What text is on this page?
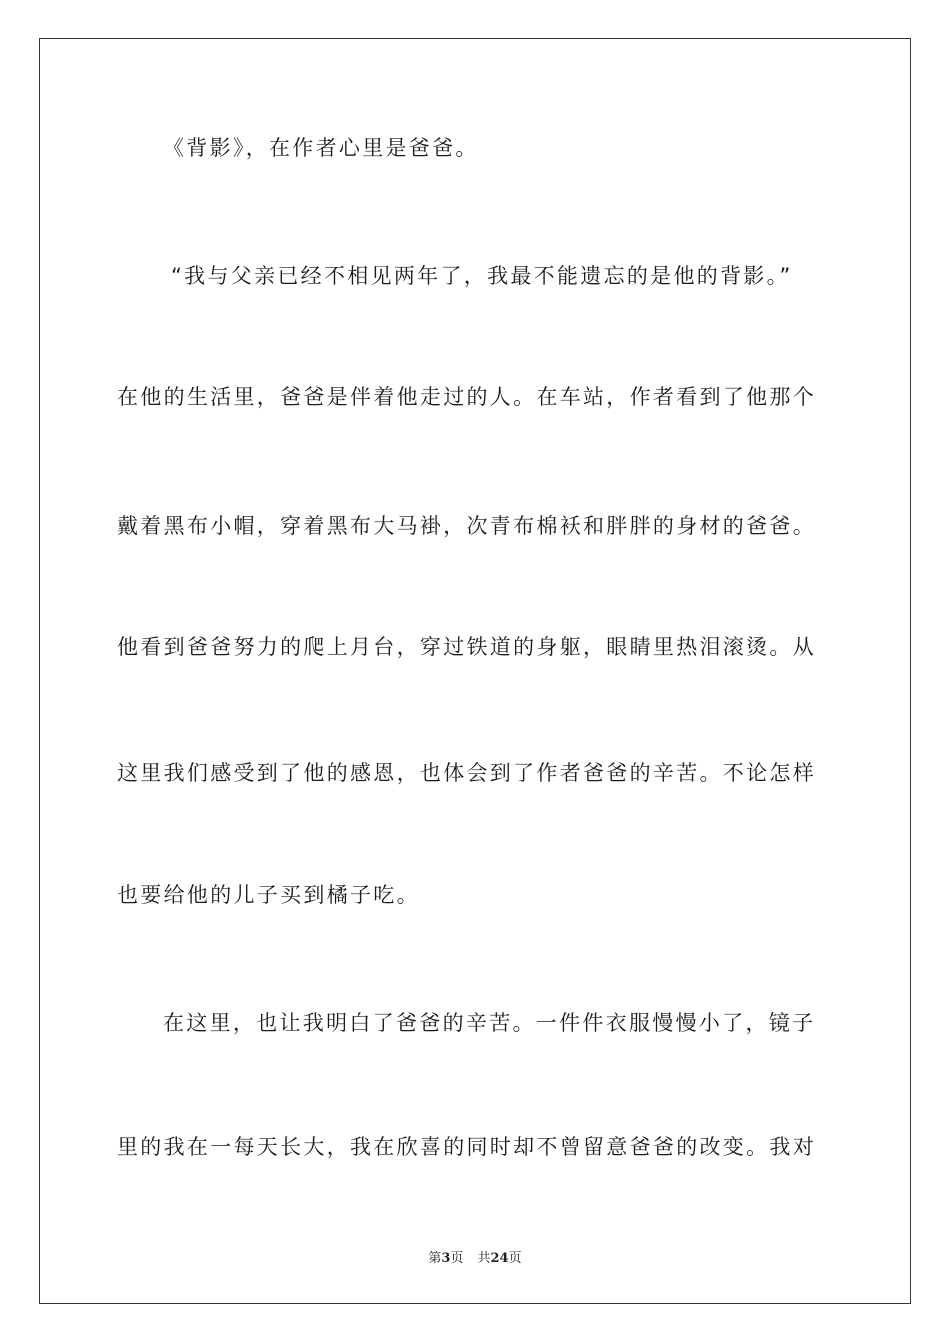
《背影》，在作者心里是爸爸。
“我与父亲已经不相见两年了，我最不能遗忘的是他的背影。”
在他的生活里，爸爸是伴着他走过的人。在车站，作者看到了他那个
戴着黑布小帽，穿着黑布大马褂，次青布棉袄和胖胖的身材的爸爸。
他看到爸爸努力的爬上月台，穿过铁道的身躯，眼睛里热泪滚烫。从
这里我们感受到了他的感恩，也体会到了作者爸爸的辛苦。不论怎样
也要给他的儿子买到橘子吃。
在这里，也让我明白了爸爸的辛苦。一件件衣服慢慢小了，镜子
里的我在一每天长大，我在欣喜的同时却不曾留意爸爸的改变。我对
第3页 共24页
